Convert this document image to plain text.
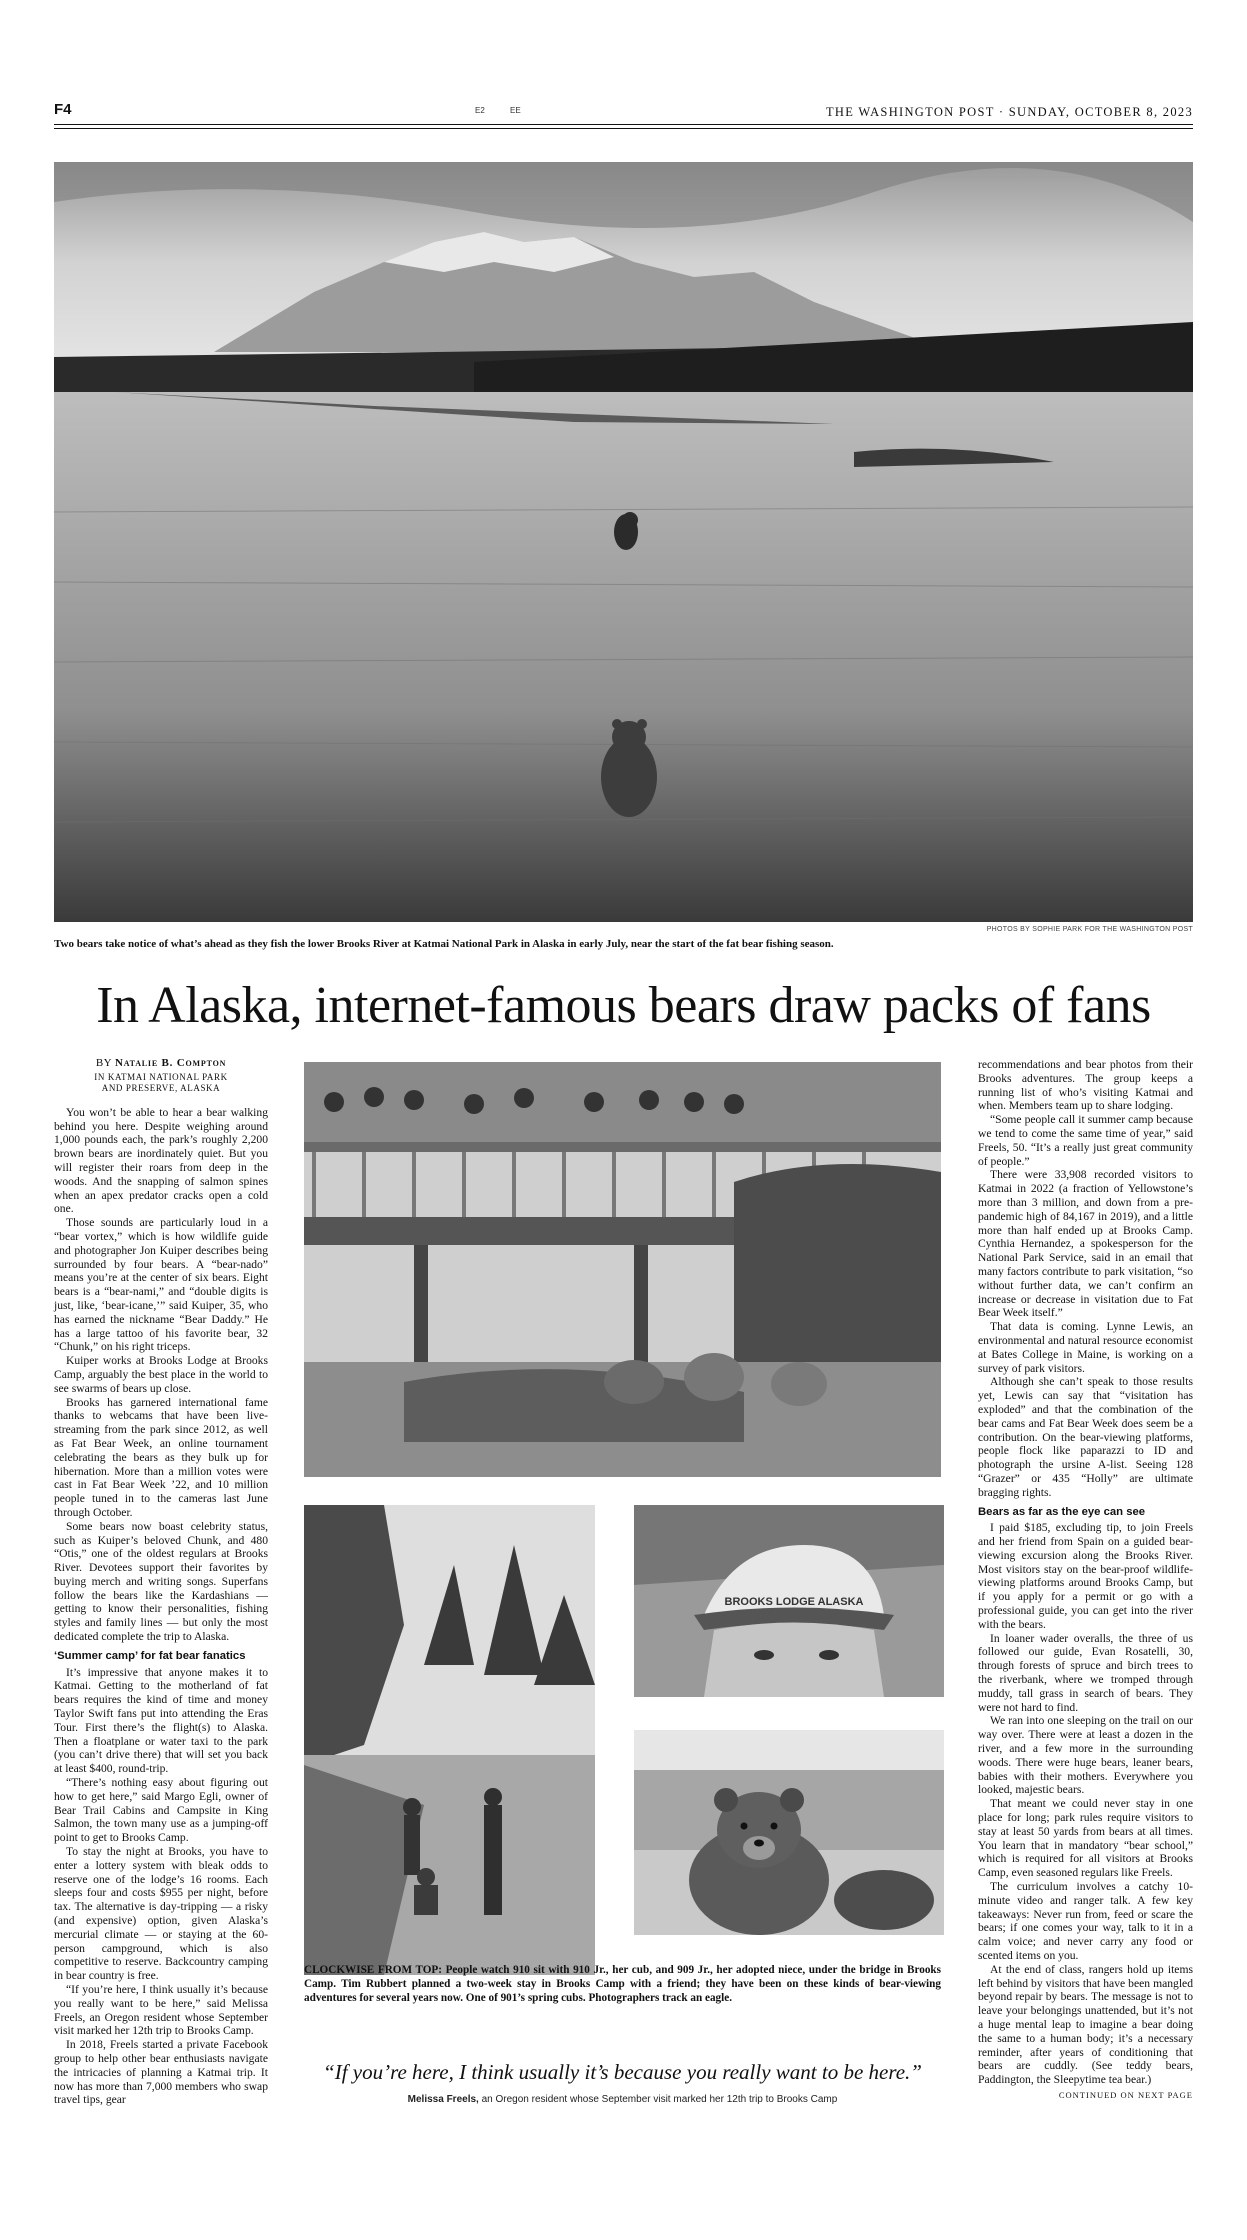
F4	E2	EE	THE WASHINGTON POST · SUNDAY, OCTOBER 8, 2023
PHOTOS BY SOPHIE PARK FOR THE WASHINGTON POST
Two bears take notice of what’s ahead as they fish the lower Brooks River at Katmai National Park in Alaska in early July, near the start of the fat bear fishing season.
In Alaska, internet-famous bears draw packs of fans
BY Natalie B. Compton
IN KATMAI NATIONAL PARK
AND PRESERVE, ALASKA

You won’t be able to hear a bear walking behind you here. Despite weighing around 1,000 pounds each, the park’s roughly 2,200 brown bears are inordinately quiet. But you will register their roars from deep in the woods. And the snapping of salmon spines when an apex predator cracks open a cold one.

Those sounds are particularly loud in a “bear vortex,” which is how wildlife guide and photographer Jon Kuiper describes being surrounded by four bears. A “bear-nado” means you’re at the center of six bears. Eight bears is a “bear-nami,” and “double digits is just, like, ‘bear-icane,’” said Kuiper, 35, who has earned the nickname “Bear Daddy.” He has a large tattoo of his favorite bear, 32 “Chunk,” on his right triceps.

Kuiper works at Brooks Lodge at Brooks Camp, arguably the best place in the world to see swarms of bears up close.

Brooks has garnered international fame thanks to webcams that have been live-streaming from the park since 2012, as well as Fat Bear Week, an online tournament celebrating the bears as they bulk up for hibernation. More than a million votes were cast in Fat Bear Week ’22, and 10 million people tuned in to the cameras last June through October.

Some bears now boast celebrity status, such as Kuiper’s beloved Chunk, and 480 “Otis,” one of the oldest regulars at Brooks River. Devotees support their favorites by buying merch and writing songs. Superfans follow the bears like the Kardashians — getting to know their personalities, fishing styles and family lines — but only the most dedicated complete the trip to Alaska.

‘Summer camp’ for fat bear fanatics

It’s impressive that anyone makes it to Katmai. Getting to the motherland of fat bears requires the kind of time and money Taylor Swift fans put into attending the Eras Tour. First there’s the flight(s) to Alaska. Then a floatplane or water taxi to the park (you can’t drive there) that will set you back at least $400, round-trip.

“There’s nothing easy about figuring out how to get here,” said Margo Egli, owner of Bear Trail Cabins and Campsite in King Salmon, the town many use as a jumping-off point to get to Brooks Camp.

To stay the night at Brooks, you have to enter a lottery system with bleak odds to reserve one of the lodge’s 16 rooms. Each sleeps four and costs $955 per night, before tax. The alternative is day-tripping — a risky (and expensive) option, given Alaska’s mercurial climate — or staying at the 60-person campground, which is also competitive to reserve. Backcountry camping in bear country is free.

“If you’re here, I think usually it’s because you really want to be here,” said Melissa Freels, an Oregon resident whose September visit marked her 12th trip to Brooks Camp.

In 2018, Freels started a private Facebook group to help other bear enthusiasts navigate the intricacies of planning a Katmai trip. It now has more than 7,000 members who swap travel tips, gear

BROOKS LODGE ALASKA
CLOCKWISE FROM TOP: People watch 910 sit with 910 Jr., her cub, and 909 Jr., her adopted niece, under the bridge in Brooks Camp. Tim Rubbert planned a two-week stay in Brooks Camp with a friend; they have been on these kinds of bear-viewing adventures for several years now. One of 901’s spring cubs. Photographers track an eagle.
“If you’re here, I think usually it’s because you really want to be here.”
Melissa Freels, an Oregon resident whose September visit marked her 12th trip to Brooks Camp

recommendations and bear photos from their Brooks adventures. The group keeps a running list of who’s visiting Katmai and when. Members team up to share lodging.

“Some people call it summer camp because we tend to come the same time of year,” said Freels, 50. “It’s a really just great community of people.”

There were 33,908 recorded visitors to Katmai in 2022 (a fraction of Yellowstone’s more than 3 million, and down from a pre-pandemic high of 84,167 in 2019), and a little more than half ended up at Brooks Camp. Cynthia Hernandez, a spokesperson for the National Park Service, said in an email that many factors contribute to park visitation, “so without further data, we can’t confirm an increase or decrease in visitation due to Fat Bear Week itself.”

That data is coming. Lynne Lewis, an environmental and natural resource economist at Bates College in Maine, is working on a survey of park visitors.

Although she can’t speak to those results yet, Lewis can say that “visitation has exploded” and that the combination of the bear cams and Fat Bear Week does seem be a contribution. On the bear-viewing platforms, people flock like paparazzi to ID and photograph the ursine A-list. Seeing 128 “Grazer” or 435 “Holly” are ultimate bragging rights.

Bears as far as the eye can see

I paid $185, excluding tip, to join Freels and her friend from Spain on a guided bear-viewing excursion along the Brooks River. Most visitors stay on the bear-proof wildlife-viewing platforms around Brooks Camp, but if you apply for a permit or go with a professional guide, you can get into the river with the bears.

In loaner wader overalls, the three of us followed our guide, Evan Rosatelli, 30, through forests of spruce and birch trees to the riverbank, where we tromped through muddy, tall grass in search of bears. They were not hard to find.

We ran into one sleeping on the trail on our way over. There were at least a dozen in the river, and a few more in the surrounding woods. There were huge bears, leaner bears, babies with their mothers. Everywhere you looked, majestic bears.

That meant we could never stay in one place for long; park rules require visitors to stay at least 50 yards from bears at all times. You learn that in mandatory “bear school,” which is required for all visitors at Brooks Camp, even seasoned regulars like Freels.

The curriculum involves a catchy 10-minute video and ranger talk. A few key takeaways: Never run from, feed or scare the bears; if one comes your way, talk to it in a calm voice; and never carry any food or scented items on you.

At the end of class, rangers hold up items left behind by visitors that have been mangled beyond repair by bears. The message is not to leave your belongings unattended, but it’s not a huge mental leap to imagine a bear doing the same to a human body; it’s a necessary reminder, after years of conditioning that bears are cuddly. (See teddy bears, Paddington, the Sleepytime tea bear.)

CONTINUED ON NEXT PAGE
